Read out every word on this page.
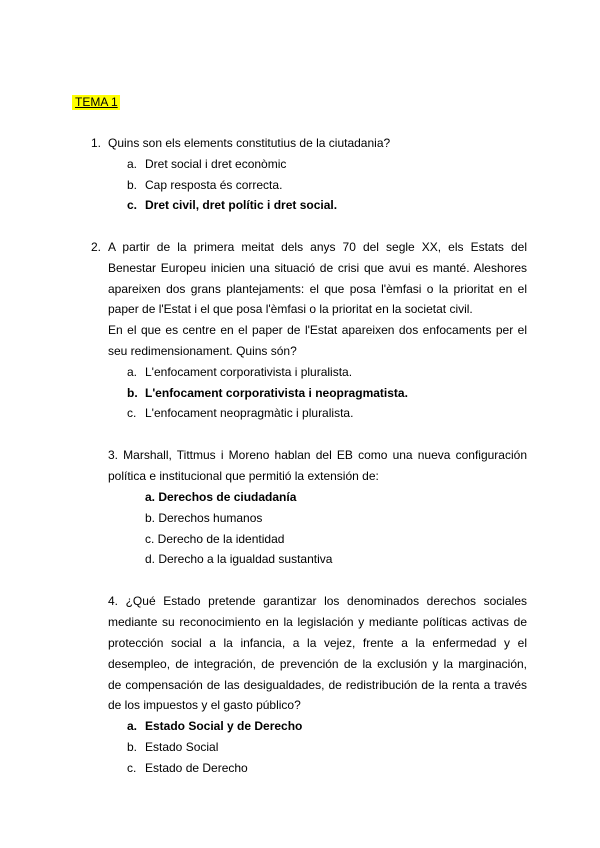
TEMA 1
1. Quins son els elements constitutius de la ciutadania?
a. Dret social i dret econòmic
b. Cap resposta és correcta.
c. Dret civil, dret polític i dret social.
2. A partir de la primera meitat dels anys 70 del segle XX, els Estats del
Benestar Europeu inicien una situació de crisi que avui es manté. Aleshores
apareixen dos grans plantejaments: el que posa l'èmfasi o la prioritat en el
paper de l'Estat i el que posa l'èmfasi o la prioritat en la societat civil.
En el que es centre en el paper de l'Estat apareixen dos enfocaments per el
seu redimensionament. Quins són?
a. L'enfocament corporativista i pluralista.
b. L'enfocament corporativista i neopragmatista.
c. L'enfocament neopragmàtic i pluralista.
3. Marshall, Tittmus i Moreno hablan del EB como una nueva configuración
política e institucional que permitió la extensión de:
a. Derechos de ciudadanía
b. Derechos humanos
c. Derecho de la identidad
d. Derecho a la igualdad sustantiva
4. ¿Qué Estado pretende garantizar los denominados derechos sociales
mediante su reconocimiento en la legislación y mediante políticas activas de
protección social a la infancia, a la vejez, frente a la enfermedad y el
desempleo, de integración, de prevención de la exclusión y la marginación,
de compensación de las desigualdades, de redistribución de la renta a través
de los impuestos y el gasto público?
a. Estado Social y de Derecho
b. Estado Social
c. Estado de Derecho
